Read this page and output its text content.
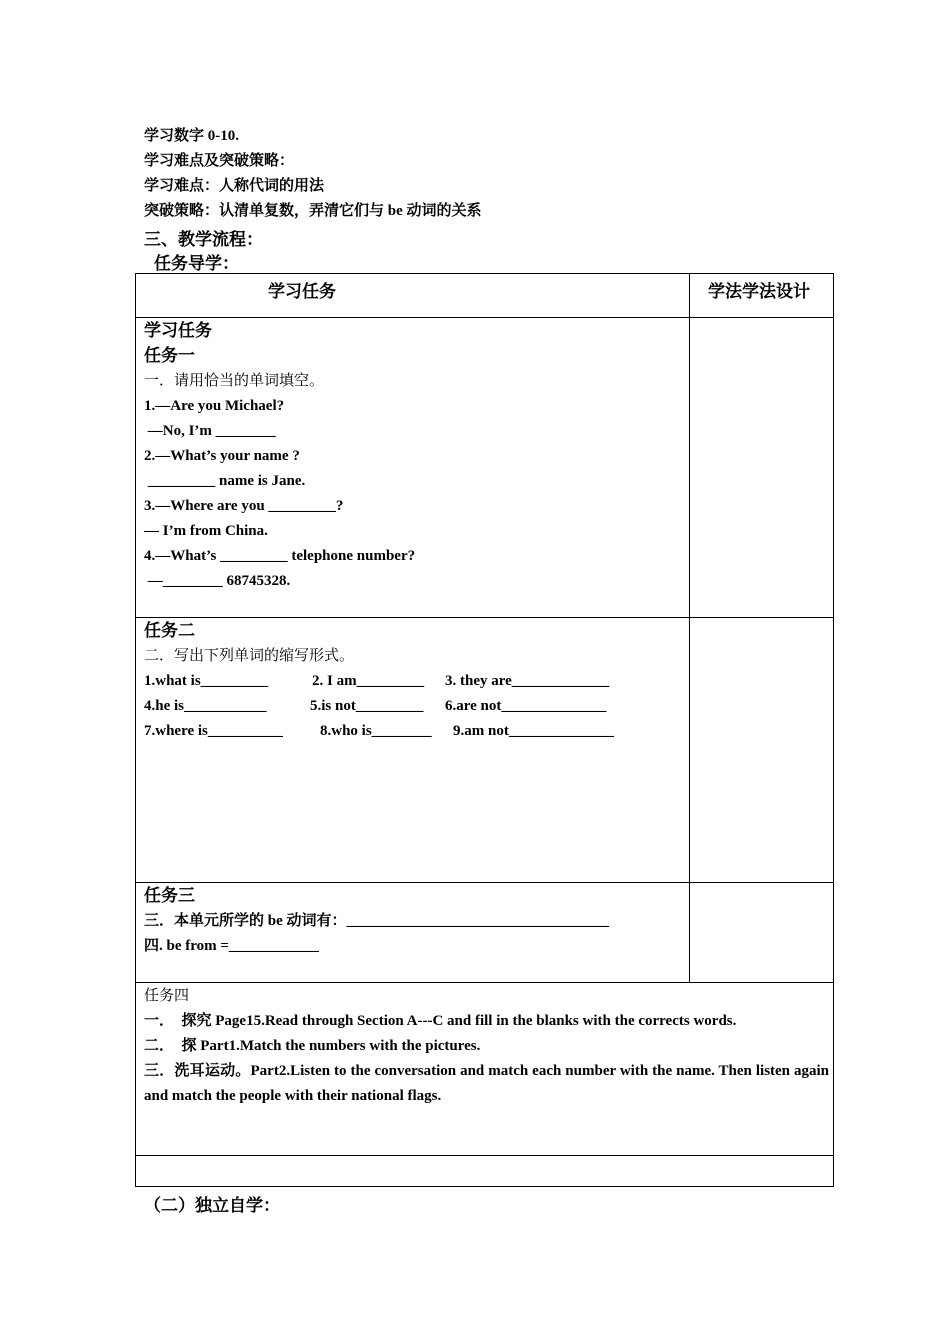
学习数字 0-10.
学习难点及突破策略：
学习难点：人称代词的用法
突破策略：认清单复数，弄清它们与 be 动词的关系
三、教学流程：
任务导学：
学习任务	学法学法设计
学习任务
任务一
一．请用恰当的单词填空。
1.—Are you Michael?
—No, I’m ________
2.—What’s your name ?
_________ name is Jane.
3.—Where are you _________?
— I’m from China.
4.—What’s _________ telephone number?
—________ 68745328.
任务二
二．写出下列单词的缩写形式。
1.what is_________	2. I am_________	3. they are_____________
4.he is___________	5.is not_________	6.are not______________
7.where is__________	8.who is________	9.am not______________
任务三
三．本单元所学的 be 动词有：___________________________________
四. be from =____________
任务四
一．  探究 Page15.Read through Section A---C and fill in the blanks with the corrects words.
二．  探 Part1.Match the numbers with the pictures.
三．洗耳运动。Part2.Listen to the conversation and match each number with the name. Then listen again and match the people with their national flags.
（二）独立自学：
